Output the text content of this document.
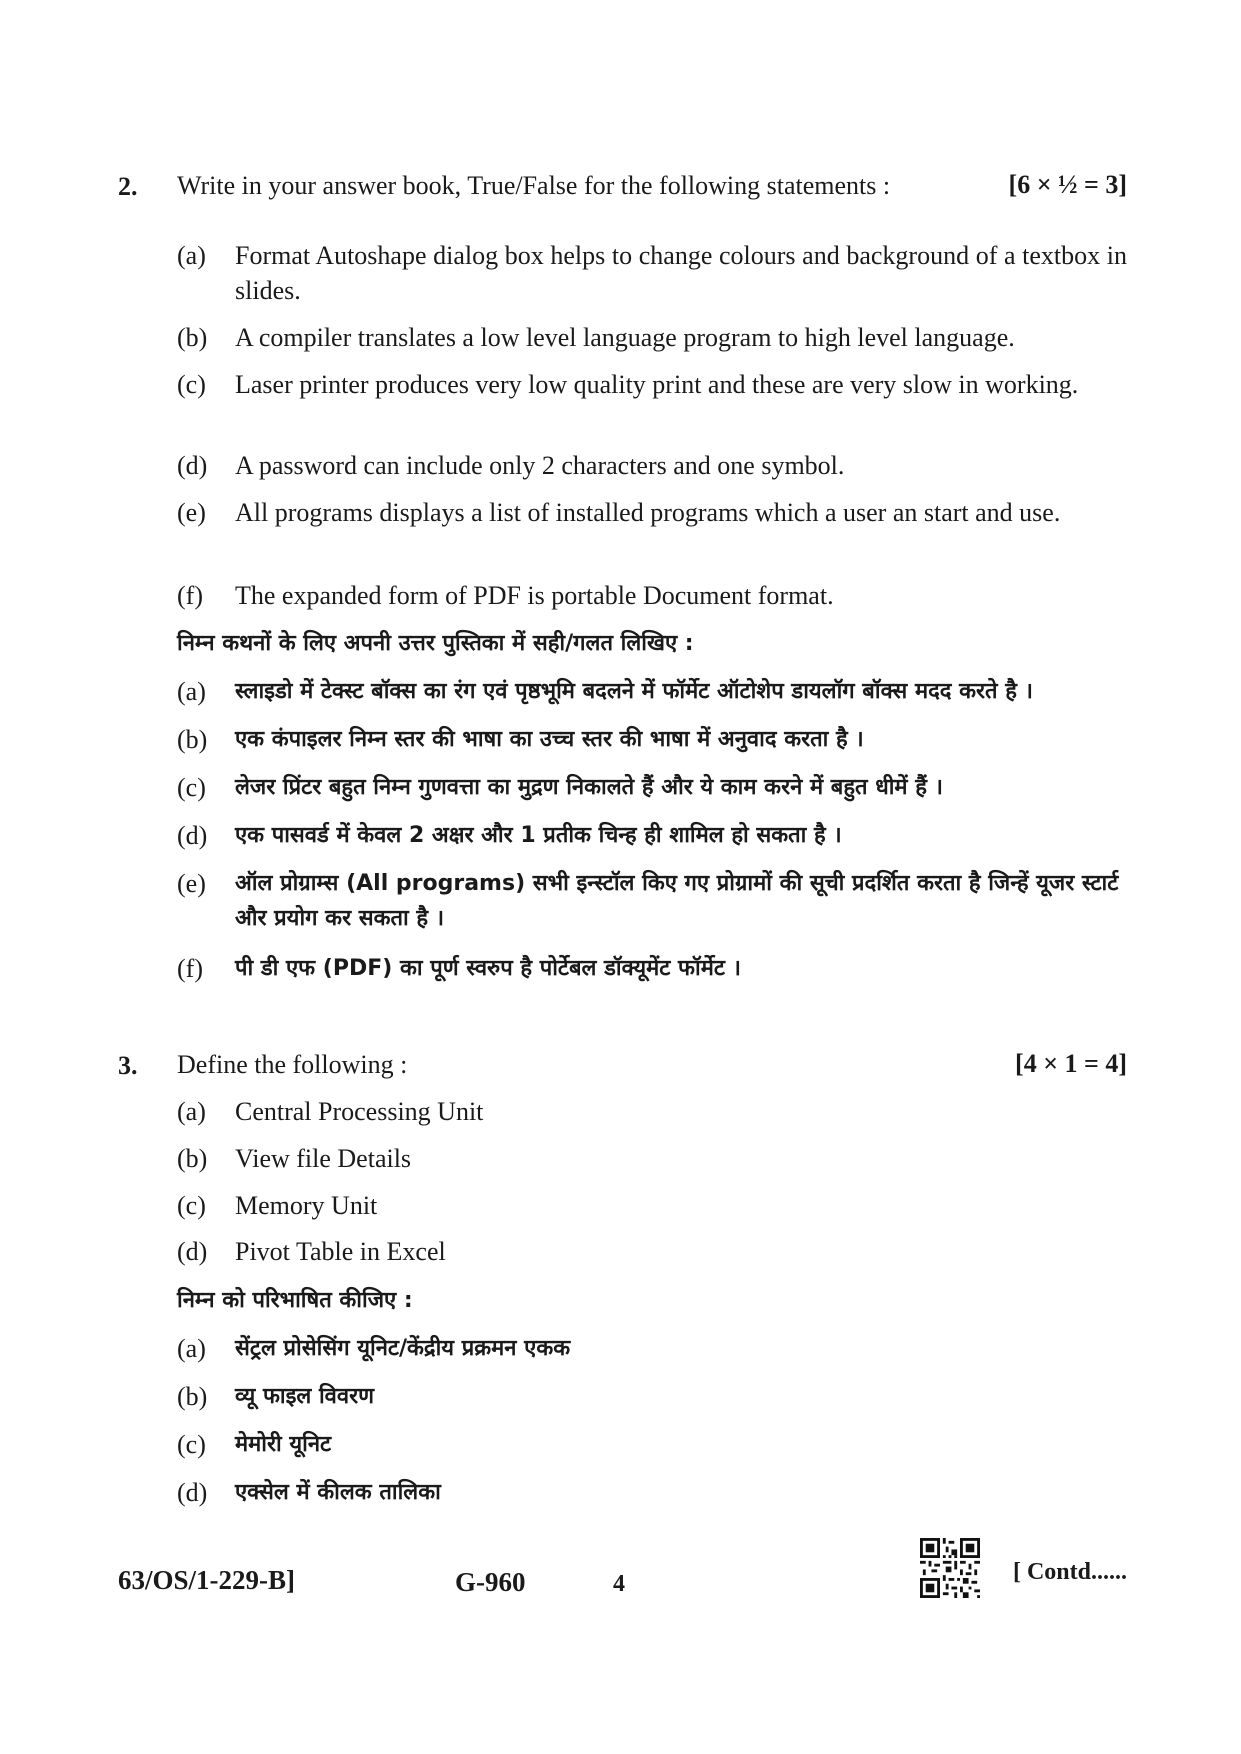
2. Write in your answer book, True/False for the following statements :	[6 × ½ = 3]
(a) Format Autoshape dialog box helps to change colours and background of a textbox in slides.
(b) A compiler translates a low level language program to high level language.
(c) Laser printer produces very low quality print and these are very slow in working.
(d) A password can include only 2 characters and one symbol.
(e) All programs displays a list of installed programs which a user an start and use.
(f) The expanded form of PDF is portable Document format.
निम्न कथनों के लिए अपनी उत्तर पुस्तिका में सही/गलत लिखिए :
(a) स्लाइडो में टेक्स्ट बॉक्स का रंग एवं पृष्ठभूमि बदलने में फॉर्मेट ऑटोशेप डायलॉग बॉक्स मदद करते है ।
(b) एक कंपाइलर निम्न स्तर की भाषा का उच्च स्तर की भाषा में अनुवाद करता है ।
(c) लेजर प्रिंटर बहुत निम्न गुणवत्ता का मुद्रण निकालते हैं और ये काम करने में बहुत धीमें हैं ।
(d) एक पासवर्ड में केवल 2 अक्षर और 1 प्रतीक चिन्ह ही शामिल हो सकता है ।
(e) ऑल प्रोग्राम्स (All programs) सभी इन्स्टॉल किए गए प्रोग्रामों की सूची प्रदर्शित करता है जिन्हें यूजर स्टार्ट और प्रयोग कर सकता है ।
(f) पी डी एफ (PDF) का पूर्ण स्वरुप है पोर्टेबल डॉक्यूमेंट फॉर्मेट ।
3. Define the following :	[4 × 1 = 4]
(a) Central Processing Unit
(b) View file Details
(c) Memory Unit
(d) Pivot Table in Excel
निम्न को परिभाषित कीजिए :
(a) सेंट्रल प्रोसेसिंग यूनिट/केंद्रीय प्रक्रमन एकक
(b) व्यू फाइल विवरण
(c) मेमोरी यूनिट
(d) एक्सेल में कीलक तालिका
63/OS/1-229-B]	G-960	4	[ Contd......
